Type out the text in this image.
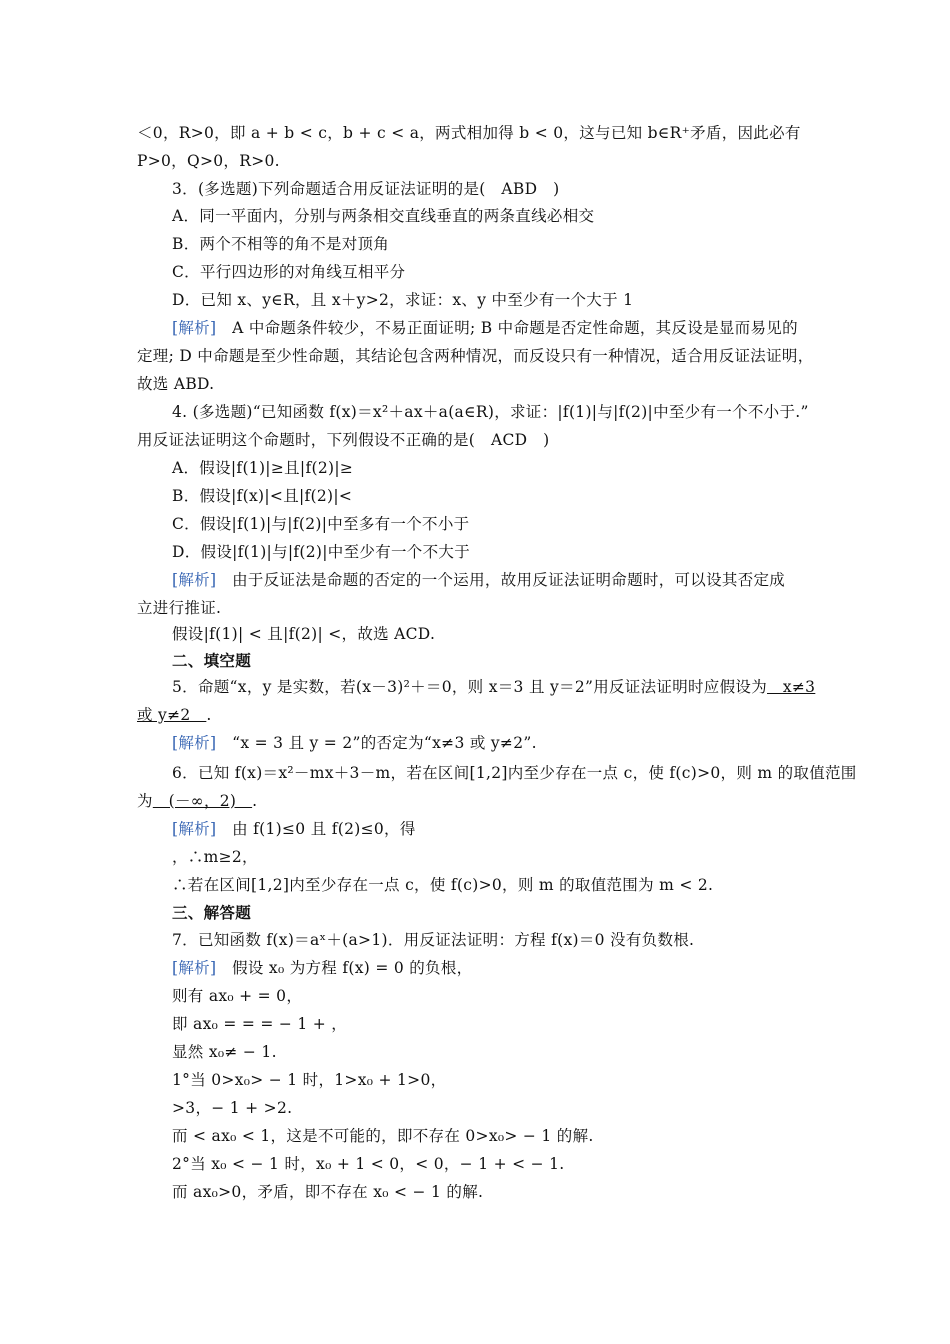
＜0，R>0，即 a + b < c，b + c < a，两式相加得 b < 0，这与已知 b∈R⁺矛盾，因此必有
P>0，Q>0，R>0.
3．(多选题)下列命题适合用反证法证明的是(　ABD　)
A．同一平面内，分别与两条相交直线垂直的两条直线必相交
B．两个不相等的角不是对顶角
C．平行四边形的对角线互相平分
D．已知 x、y∈R，且 x＋y>2，求证：x、y 中至少有一个大于 1
[解析]　A 中命题条件较少，不易正面证明; B 中命题是否定性命题，其反设是显而易见的
定理; D 中命题是至少性命题，其结论包含两种情况，而反设只有一种情况，适合用反证法证明，
故选 ABD.
4. (多选题)“已知函数 f(x)＝x²＋ax＋a(a∈R)，求证：|f(1)|与|f(2)|中至少有一个不小于.”
用反证法证明这个命题时，下列假设不正确的是(　ACD　)
A．假设|f(1)|≥且|f(2)|≥
B．假设|f(x)|<且|f(2)|<
C．假设|f(1)|与|f(2)|中至多有一个不小于
D．假设|f(1)|与|f(2)|中至少有一个不大于
[解析]　由于反证法是命题的否定的一个运用，故用反证法证明命题时，可以设其否定成
立进行推证.
假设|f(1)| < 且|f(2)| <，故选 ACD.
二、填空题
5．命题“x，y 是实数，若(x－3)²＋＝0，则 x＝3 且 y＝2”用反证法证明时应假设为　x≠3
或 y≠2　.
[解析]　“x = 3 且 y = 2”的否定为“x≠3 或 y≠2”.
6．已知 f(x)＝x²－mx＋3－m，若在区间[1,2]内至少存在一点 c，使 f(c)>0，则 m 的取值范围
为　(－∞，2)　.
[解析]　由 f(1)≤0 且 f(2)≤0，得
，∴m≥2，
∴若在区间[1,2]内至少存在一点 c，使 f(c)>0，则 m 的取值范围为 m < 2.
三、解答题
7．已知函数 f(x)＝aˣ＋(a>1)．用反证法证明：方程 f(x)＝0 没有负数根.
[解析]　假设 x₀ 为方程 f(x) = 0 的负根，
则有 ax₀ + = 0，
即 ax₀ = = = − 1 + ，
显然 x₀≠ − 1.
1°当 0>x₀> − 1 时，1>x₀ + 1>0，
>3，− 1 + >2.
而 < ax₀ < 1，这是不可能的，即不存在 0>x₀> − 1 的解.
2°当 x₀ < − 1 时，x₀ + 1 < 0，< 0，− 1 + < − 1.
而 ax₀>0，矛盾，即不存在 x₀ < − 1 的解.
